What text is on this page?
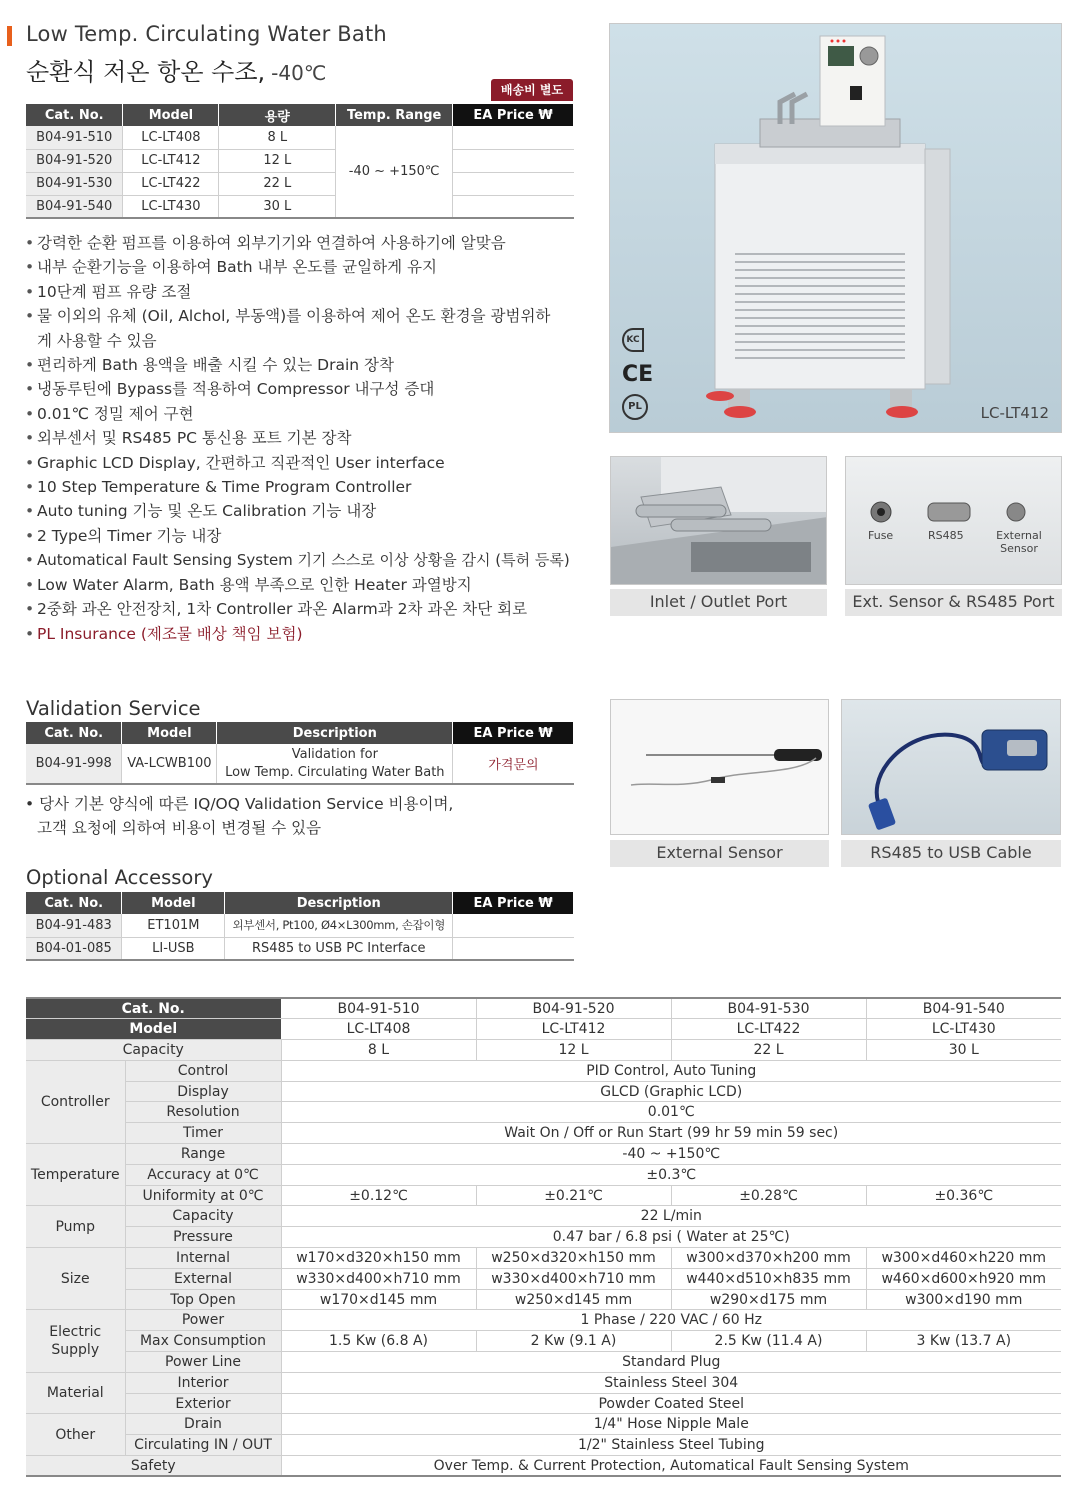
Low Temp. Circulating Water Bath
순환식 저온 항온 수조, -40℃
배송비 별도
Cat. No.	Model	용량	Temp. Range	EA Price ₩
B04-91-510	LC-LT408	8 L	-40 ~ +150℃	
B04-91-520	LC-LT412	12 L		
B04-91-530	LC-LT422	22 L		
B04-91-540	LC-LT430	30 L		
• 강력한 순환 펌프를 이용하여 외부기기와 연결하여 사용하기에 알맞음
• 내부 순환기능을 이용하여 Bath 내부 온도를 균일하게 유지
• 10단계 펌프 유량 조절
• 물 이외의 유체 (Oil, Alchol, 부동액)를 이용하여 제어 온도 환경을 광범위하게 사용할 수 있음
• 편리하게 Bath 용액을 배출 시킬 수 있는 Drain 장착
• 냉동루틴에 Bypass를 적용하여 Compressor 내구성 증대
• 0.01℃ 정밀 제어 구현
• 외부센서 및 RS485 PC 통신용 포트 기본 장착
• Graphic LCD Display, 간편하고 직관적인 User interface
• 10 Step Temperature & Time Program Controller
• Auto tuning 기능 및 온도 Calibration 기능 내장
• 2 Type의 Timer 기능 내장
• Automatical Fault Sensing System 기기 스스로 이상 상황을 감시 (특허 등록)
• Low Water Alarm, Bath 용액 부족으로 인한 Heater 과열방지
• 2중화 과온 안전장치, 1차 Controller 과온 Alarm과 2차 과온 차단 회로
• PL Insurance (제조물 배상 책임 보험)
KC
CE
PL	LC-LT412
Inlet / Outlet Port
Fuse	RS485	External Sensor
Ext. Sensor & RS485 Port
Validation Service
Cat. No.	Model	Description	EA Price ₩
B04-91-998	VA-LCWB100	Validation for
Low Temp. Circulating Water Bath	가격문의
• 당사 기본 양식에 따른 IQ/OQ Validation Service 비용이며,
고객 요청에 의하여 비용이 변경될 수 있음
External Sensor	RS485 to USB Cable
Optional Accessory
Cat. No.	Model	Description	EA Price ₩
B04-91-483	ET101M	외부센서, Pt100, Ø4×L300mm, 손잡이형	
B04-01-085	LI-USB	RS485 to USB PC Interface	
Cat. No.		B04-91-510	B04-91-520	B04-91-530	B04-91-540
Model		LC-LT408	LC-LT412	LC-LT422	LC-LT430
Capacity		8 L	12 L	22 L	30 L
Controller	Control	PID Control, Auto Tuning			
	Display	GLCD (Graphic LCD)			
	Resolution	0.01℃			
	Timer	Wait On / Off or Run Start (99 hr 59 min 59 sec)			
Temperature	Range	-40 ~ +150℃			
	Accuracy at 0℃	±0.3℃			
	Uniformity at 0℃	±0.12℃	±0.21℃	±0.28℃	±0.36℃
Pump	Capacity	22 L/min			
	Pressure	0.47 bar / 6.8 psi ( Water at 25℃)			
Size	Internal	w170×d320×h150 mm	w250×d320×h150 mm	w300×d370×h200 mm	w300×d460×h220 mm
	External	w330×d400×h710 mm	w330×d400×h710 mm	w440×d510×h835 mm	w460×d600×h920 mm
	Top Open	w170×d145 mm	w250×d145 mm	w290×d175 mm	w300×d190 mm

Electric
Supply	Power	1 Phase / 220 VAC / 60 Hz			
	Max Consumption	1.5 Kw (6.8 A)	2 Kw (9.1 A)	2.5 Kw (11.4 A)	3 Kw (13.7 A)
	Power Line	Standard Plug			
Material	Interior	Stainless Steel 304			
	Exterior	Powder Coated Steel			
Other	Drain	1/4" Hose Nipple Male			
	Circulating IN / OUT	1/2" Stainless Steel Tubing			
Safety		Over Temp. & Current Protection, Automatical Fault Sensing System			
